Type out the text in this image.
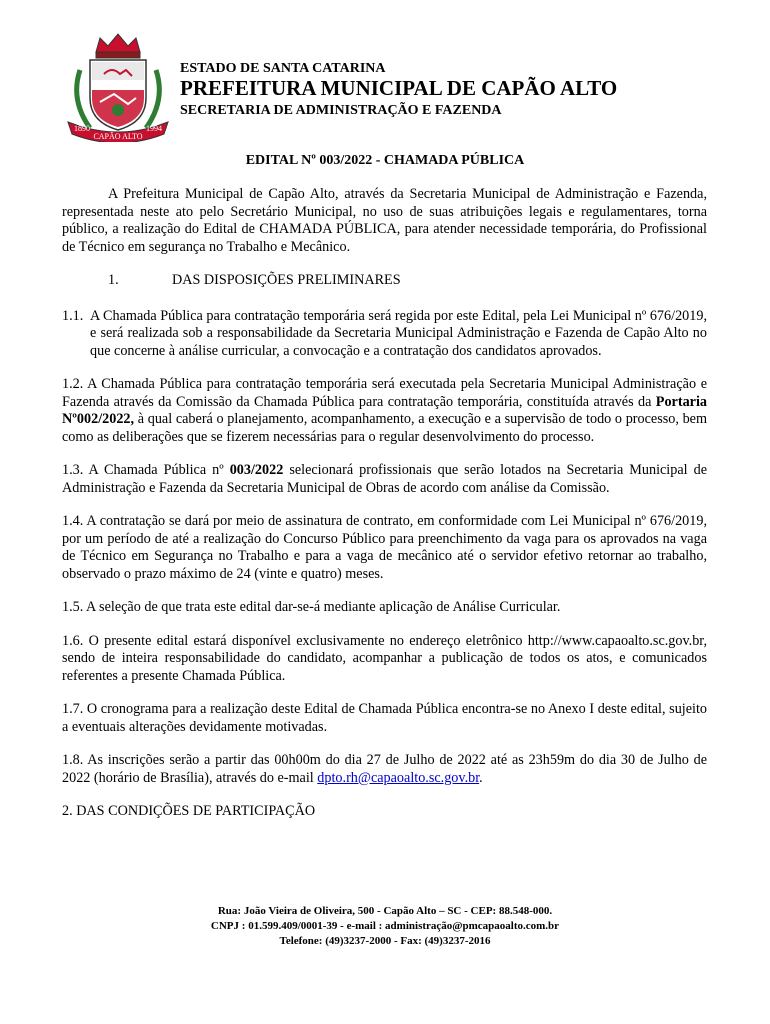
1890	1994
CAPÃO ALTO
ESTADO DE SANTA CATARINA
PREFEITURA MUNICIPAL DE CAPÃO ALTO
SECRETARIA DE ADMINISTRAÇÃO E FAZENDA
EDITAL Nº 003/2022 - CHAMADA PÚBLICA

A Prefeitura Municipal de Capão Alto, através da Secretaria Municipal de Administração e Fazenda, representada neste ato pelo Secretário Municipal, no uso de suas atribuições legais e regulamentares, torna público, a realização do Edital de CHAMADA PÚBLICA, para atender necessidade temporária, do Profissional de Técnico em segurança no Trabalho e Mecânico.

1.	DAS DISPOSIÇÕES PRELIMINARES

1.1. A Chamada Pública para contratação temporária será regida por este Edital, pela Lei Municipal nº 676/2019, e será realizada sob a responsabilidade da Secretaria Municipal Administração e Fazenda de Capão Alto no que concerne à análise curricular, a convocação e a contratação dos candidatos aprovados.

1.2. A Chamada Pública para contratação temporária será executada pela Secretaria Municipal Administração e Fazenda através da Comissão da Chamada Pública para contratação temporária, constituída através da Portaria Nº002/2022, à qual caberá o planejamento, acompanhamento, a execução e a supervisão de todo o processo, bem como as deliberações que se fizerem necessárias para o regular desenvolvimento do processo.

1.3. A Chamada Pública nº 003/2022 selecionará profissionais que serão lotados na Secretaria Municipal de Administração e Fazenda da Secretaria Municipal de Obras de acordo com análise da Comissão.

1.4. A contratação se dará por meio de assinatura de contrato, em conformidade com Lei Municipal nº 676/2019, por um período de até a realização do Concurso Público para preenchimento da vaga para os aprovados na vaga de Técnico em Segurança no Trabalho e para a vaga de mecânico até o servidor efetivo retornar ao trabalho, observado o prazo máximo de 24 (vinte e quatro) meses.

1.5. A seleção de que trata este edital dar-se-á mediante aplicação de Análise Curricular.

1.6. O presente edital estará disponível exclusivamente no endereço eletrônico http://www.capaoalto.sc.gov.br, sendo de inteira responsabilidade do candidato, acompanhar a publicação de todos os atos, e comunicados referentes a presente Chamada Pública.

1.7. O cronograma para a realização deste Edital de Chamada Pública encontra-se no Anexo I deste edital, sujeito a eventuais alterações devidamente motivadas.

1.8. As inscrições serão a partir das 00h00m do dia 27 de Julho de 2022 até as 23h59m do dia 30 de Julho de 2022 (horário de Brasília), através do e-mail dpto.rh@capaoalto.sc.gov.br.

2. DAS CONDIÇÕES DE PARTICIPAÇÃO

Rua: João Vieira de Oliveira, 500 - Capão Alto – SC - CEP: 88.548-000.
CNPJ : 01.599.409/0001-39 - e-mail : administração@pmcapaoalto.com.br
Telefone: (49)3237-2000 - Fax: (49)3237-2016
